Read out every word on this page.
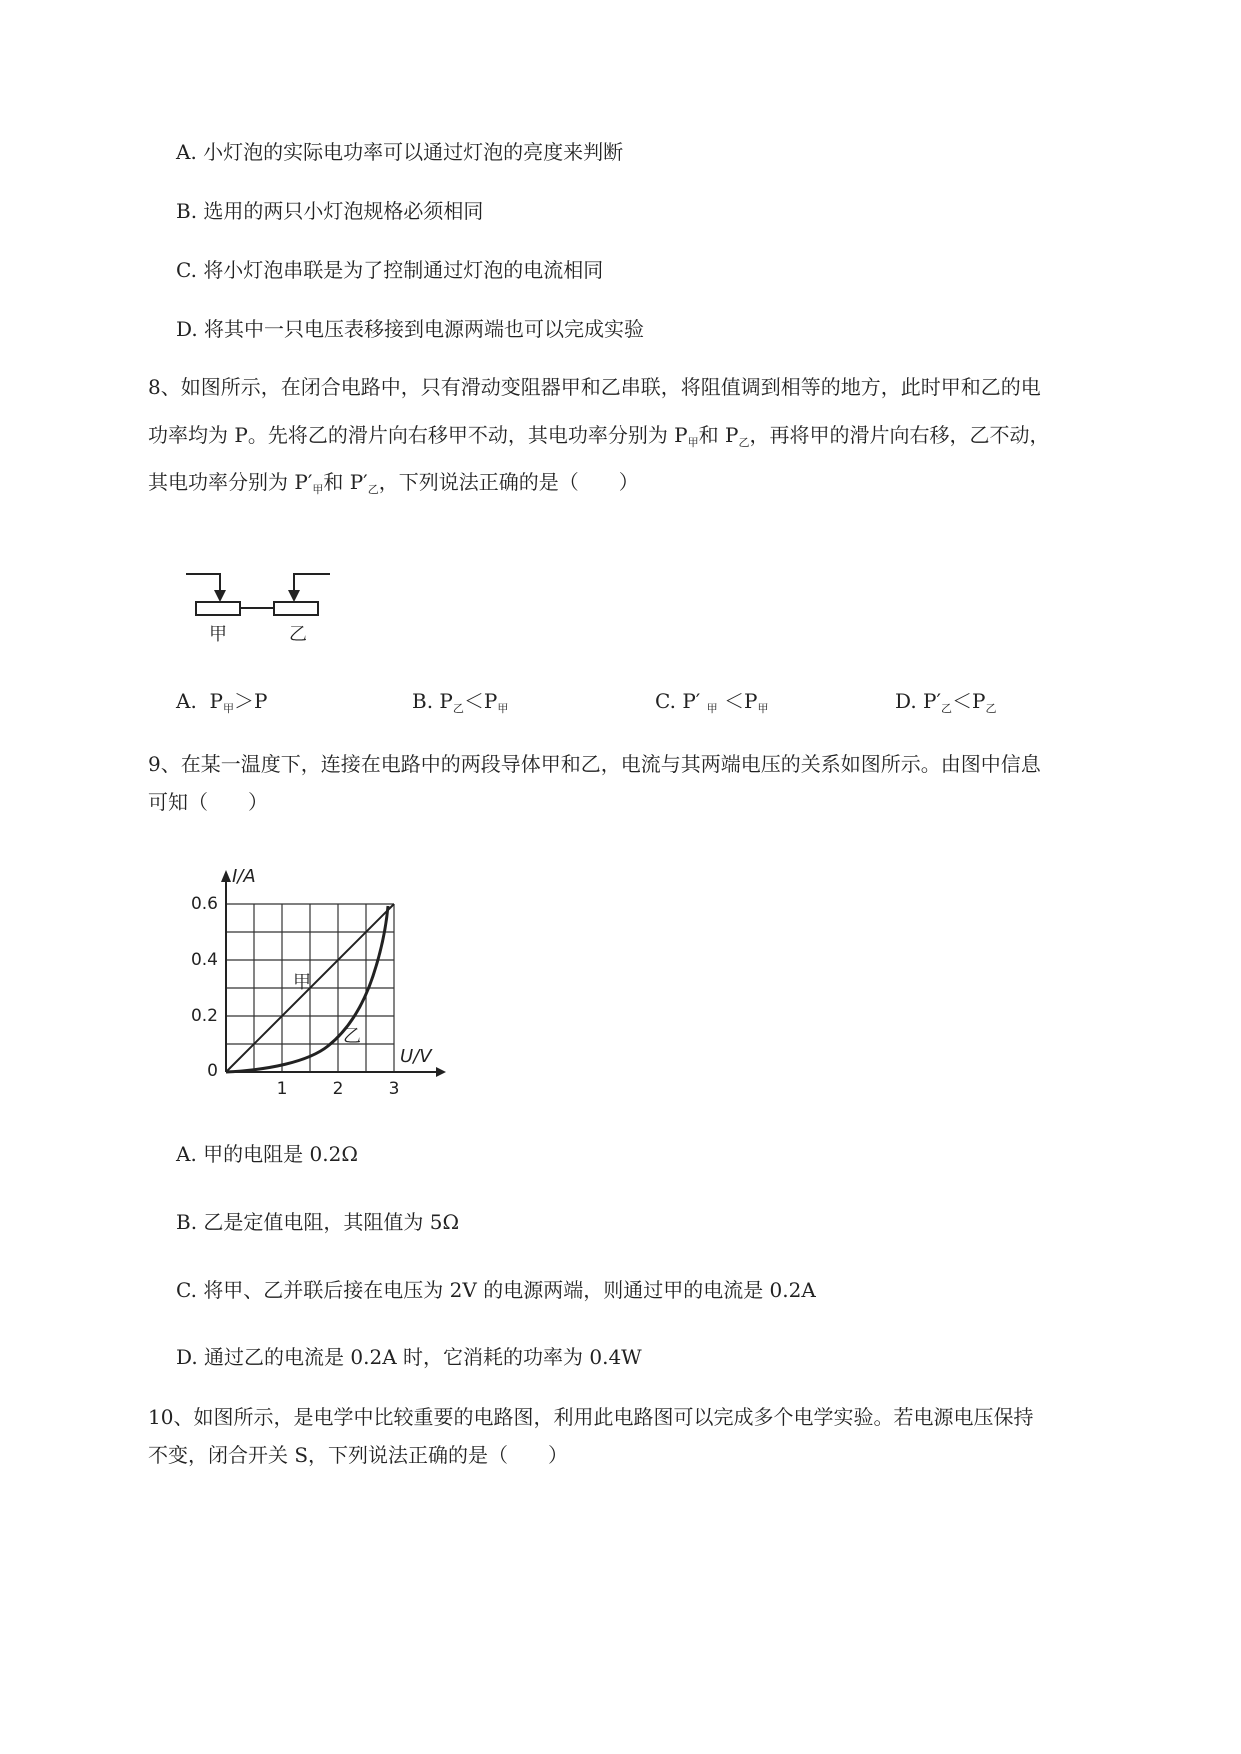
A. 小灯泡的实际电功率可以通过灯泡的亮度来判断
B. 选用的两只小灯泡规格必须相同
C. 将小灯泡串联是为了控制通过灯泡的电流相同
D. 将其中一只电压表移接到电源两端也可以完成实验
8、如图所示，在闭合电路中，只有滑动变阻器甲和乙串联，将阻值调到相等的地方，此时甲和乙的电
功率均为 P。先将乙的滑片向右移甲不动，其电功率分别为 $P_甲$和 $P_乙$，再将甲的滑片向右移，乙不动，
其电功率分别为 $P'_甲$和 $P'_乙$，下列说法正确的是（　　）
甲	乙
A. $P_甲>P$	B. $P_乙<P_甲$	C. P′ $_甲 <P_甲$	D. $P'_乙<P_乙$
9、在某一温度下，连接在电路中的两段导体甲和乙，电流与其两端电压的关系如图所示。由图中信息
可知（　　）
I/A
U/V
0
0.2
0.4
0.6
1	2	3
甲
乙
A. 甲的电阻是 0.2Ω
B. 乙是定值电阻，其阻值为 5Ω
C. 将甲、乙并联后接在电压为 2V 的电源两端，则通过甲的电流是 0.2A
D. 通过乙的电流是 0.2A 时，它消耗的功率为 0.4W
10、如图所示，是电学中比较重要的电路图，利用此电路图可以完成多个电学实验。若电源电压保持
不变，闭合开关 S，下列说法正确的是（　　）
